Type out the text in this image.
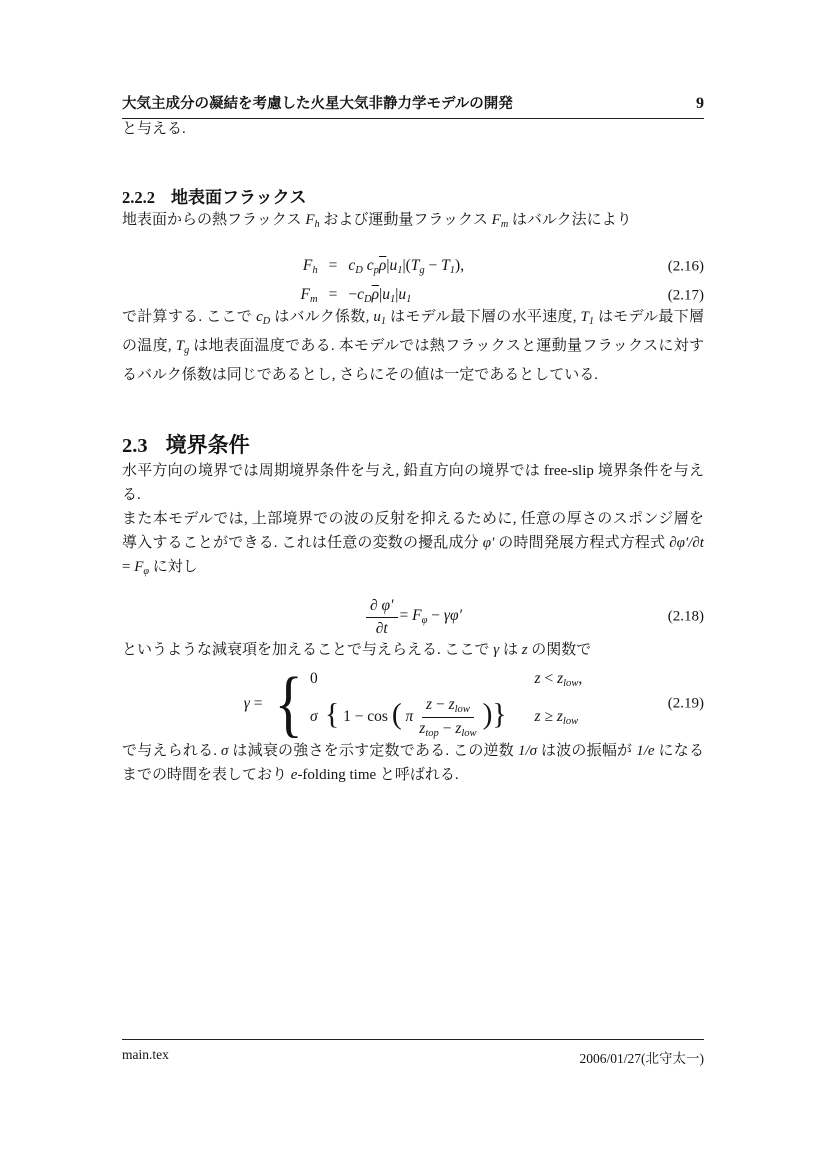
大気主成分の凝結を考慮した火星大気非静力学モデルの開発	9

と与える.

2.2.2 地表面フラックス

地表面からの熱フラックス $F_h$ および運動量フラックス $F_m$ はバルク法により

$F_h = c_D$ $c_p\overline{\rho}|u_1|(T_g - T_1)$,	(2.16)
$F_m = -c_D\overline{\rho}|u_1|u_1$	(2.17)

で計算する. ここで $c_D$ はバルク係数, $u_1$ はモデル最下層の水平速度, $T_1$ はモデル最下層の温度, $T_g$ は地表面温度である. 本モデルでは熱フラックスと運動量フラックスに対するバルク係数は同じであるとし, さらにその値は一定であるとしている.

2.3 境界条件

水平方向の境界では周期境界条件を与え, 鉛直方向の境界では free-slip 境界条件を与える.

また本モデルでは, 上部境界での波の反射を抑えるために, 任意の厚さのスポンジ層を導入することができる. これは任意の変数の擾乱成分 φ′ の時間発展方程式方程式 $\partial\varphi'/\partial t = F_\varphi$ に対し

$\frac{\partial \varphi'}{\partial t} = F_\varphi - \gamma\varphi'$	(2.18)

というような減衰項を加えることで与えらえる. ここで γ は z の関数で

γ = { 0	$z < z_{low}$,
σ { 1 − cos ( π $\frac{z - z_{low}}{z_{top} - z_{low}}$ )} $z \ge z_{low}$
(2.19)

で与えられる. σ は減衰の強さを示す定数である. この逆数 1/σ は波の振幅が 1/e になるまでの時間を表しており e-folding time と呼ばれる.

main.tex	2006/01/27(北守太一)
